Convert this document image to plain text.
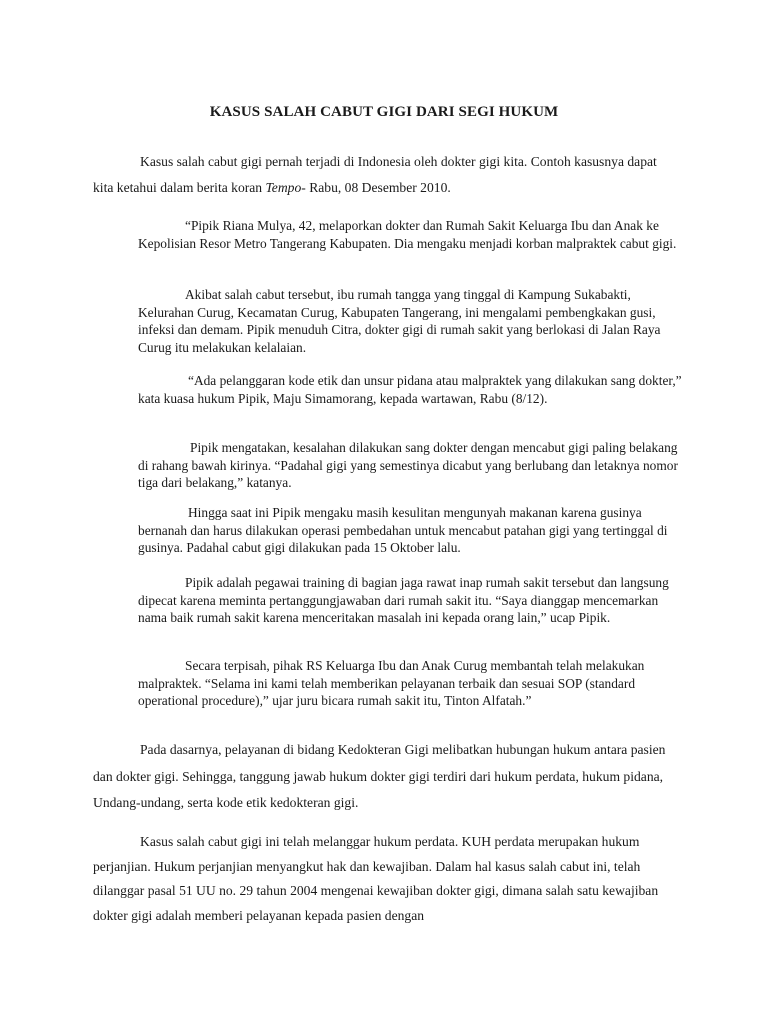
KASUS SALAH CABUT GIGI DARI SEGI HUKUM

Kasus salah cabut gigi pernah terjadi di Indonesia oleh dokter gigi kita. Contoh kasusnya dapat kita ketahui dalam berita koran Tempo- Rabu, 08 Desember 2010.

“Pipik Riana Mulya, 42, melaporkan dokter dan Rumah Sakit Keluarga Ibu dan Anak ke Kepolisian Resor Metro Tangerang Kabupaten. Dia mengaku menjadi korban malpraktek cabut gigi.

Akibat salah cabut tersebut, ibu rumah tangga yang tinggal di Kampung Sukabakti, Kelurahan Curug, Kecamatan Curug, Kabupaten Tangerang, ini mengalami pembengkakan gusi, infeksi dan demam. Pipik menuduh Citra, dokter gigi di rumah sakit yang berlokasi di Jalan Raya Curug itu melakukan kelalaian.

“Ada pelanggaran kode etik dan unsur pidana atau malpraktek yang dilakukan sang dokter,” kata kuasa hukum Pipik, Maju Simamorang, kepada wartawan, Rabu (8/12).

Pipik mengatakan, kesalahan dilakukan sang dokter dengan mencabut gigi paling belakang di rahang bawah kirinya. “Padahal gigi yang semestinya dicabut yang berlubang dan letaknya nomor tiga dari belakang,” katanya.

Hingga saat ini Pipik mengaku masih kesulitan mengunyah makanan karena gusinya bernanah dan harus dilakukan operasi pembedahan untuk mencabut patahan gigi yang tertinggal di gusinya. Padahal cabut gigi dilakukan pada 15 Oktober lalu.

Pipik adalah pegawai training di bagian jaga rawat inap rumah sakit tersebut dan langsung dipecat karena meminta pertanggungjawaban dari rumah sakit itu. “Saya dianggap mencemarkan nama baik rumah sakit karena menceritakan masalah ini kepada orang lain,” ucap Pipik.

Secara terpisah, pihak RS Keluarga Ibu dan Anak Curug membantah telah melakukan malpraktek. “Selama ini kami telah memberikan pelayanan terbaik dan sesuai SOP (standard operational procedure),” ujar juru bicara rumah sakit itu, Tinton Alfatah.”

Pada dasarnya, pelayanan di bidang Kedokteran Gigi melibatkan hubungan hukum antara pasien dan dokter gigi. Sehingga, tanggung jawab hukum dokter gigi terdiri dari hukum perdata, hukum pidana, Undang-undang, serta kode etik kedokteran gigi.

Kasus salah cabut gigi ini telah melanggar hukum perdata. KUH perdata merupakan hukum perjanjian. Hukum perjanjian menyangkut hak dan kewajiban. Dalam hal kasus salah cabut ini, telah dilanggar pasal 51 UU no. 29 tahun 2004 mengenai kewajiban dokter gigi, dimana salah satu kewajiban dokter gigi adalah memberi pelayanan kepada pasien dengan
